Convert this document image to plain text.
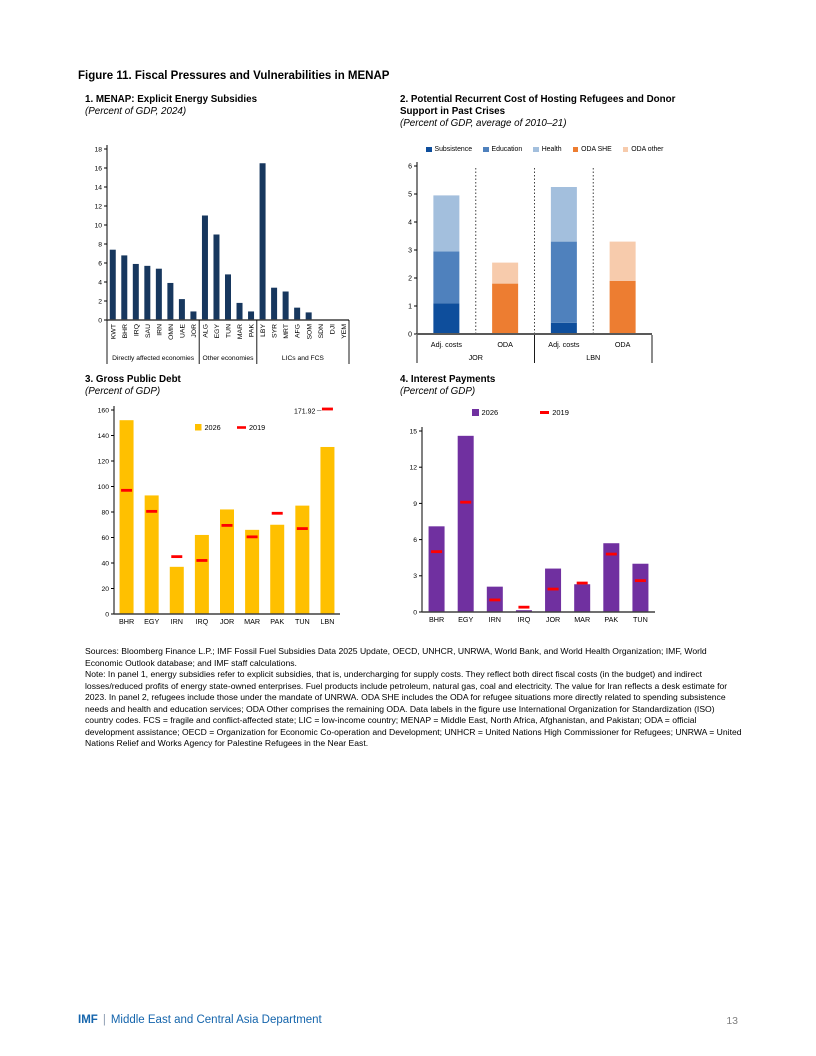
Figure 11. Fiscal Pressures and Vulnerabilities in MENAP
1. MENAP: Explicit Energy Subsidies

(Percent of GDP, 2024)

0
2
4
6
8
10
12
14
16
18
KWT BHR IRQ SAU IRN OMN UAE JOR ALG EGY TUN MAR PAK LBY SYR MRT AFG SOM SDN DJI YEM
Directly affected economies Other economies	LICs and FCS
2. Potential Recurrent Cost of Hosting Refugees and Donor Support in Past Crises

(Percent of GDP, average of 2010–21)

Subsistence	Education	Health	ODA SHE	ODA other
0
1
2
3
4
5
6
Adj. costs	ODA	Adj. costs	ODA
JOR	LBN
3. Gross Public Debt

(Percent of GDP)

0
20
40
60
80
100
120
140
160
BHR EGY IRN IRQ JOR MAR PAK TUN LBN
2026	2019
171.92
4. Interest Payments

(Percent of GDP)

2026	2019
0
3
6
9
12
15
BHR EGY IRN IRQ JOR MAR PAK TUN

Sources: Bloomberg Finance L.P.; IMF Fossil Fuel Subsidies Data 2025 Update, OECD, UNHCR, UNRWA, World Bank, and World Health Organization; IMF, World Economic Outlook database; and IMF staff calculations.

Note: In panel 1, energy subsidies refer to explicit subsidies, that is, undercharging for supply costs. They reflect both direct fiscal costs (in the budget) and indirect losses/reduced profits of energy state-owned enterprises. Fuel products include petroleum, natural gas, coal and electricity. The value for Iran reflects a desk estimate for 2023. In panel 2, refugees include those under the mandate of UNRWA. ODA SHE includes the ODA for refugee situations more directly related to spending subsistence needs and health and education services; ODA Other comprises the remaining ODA. Data labels in the figure use International Organization for Standardization (ISO) country codes. FCS = fragile and conflict-affected state; LIC = low-income country; MENAP = Middle East, North Africa, Afghanistan, and Pakistan; ODA = official development assistance; OECD = Organization for Economic Co-operation and Development; UNHCR = United Nations High Commissioner for Refugees; UNRWA = United Nations Relief and Works Agency for Palestine Refugees in the Near East.

IMF | Middle East and Central Asia Department	13
